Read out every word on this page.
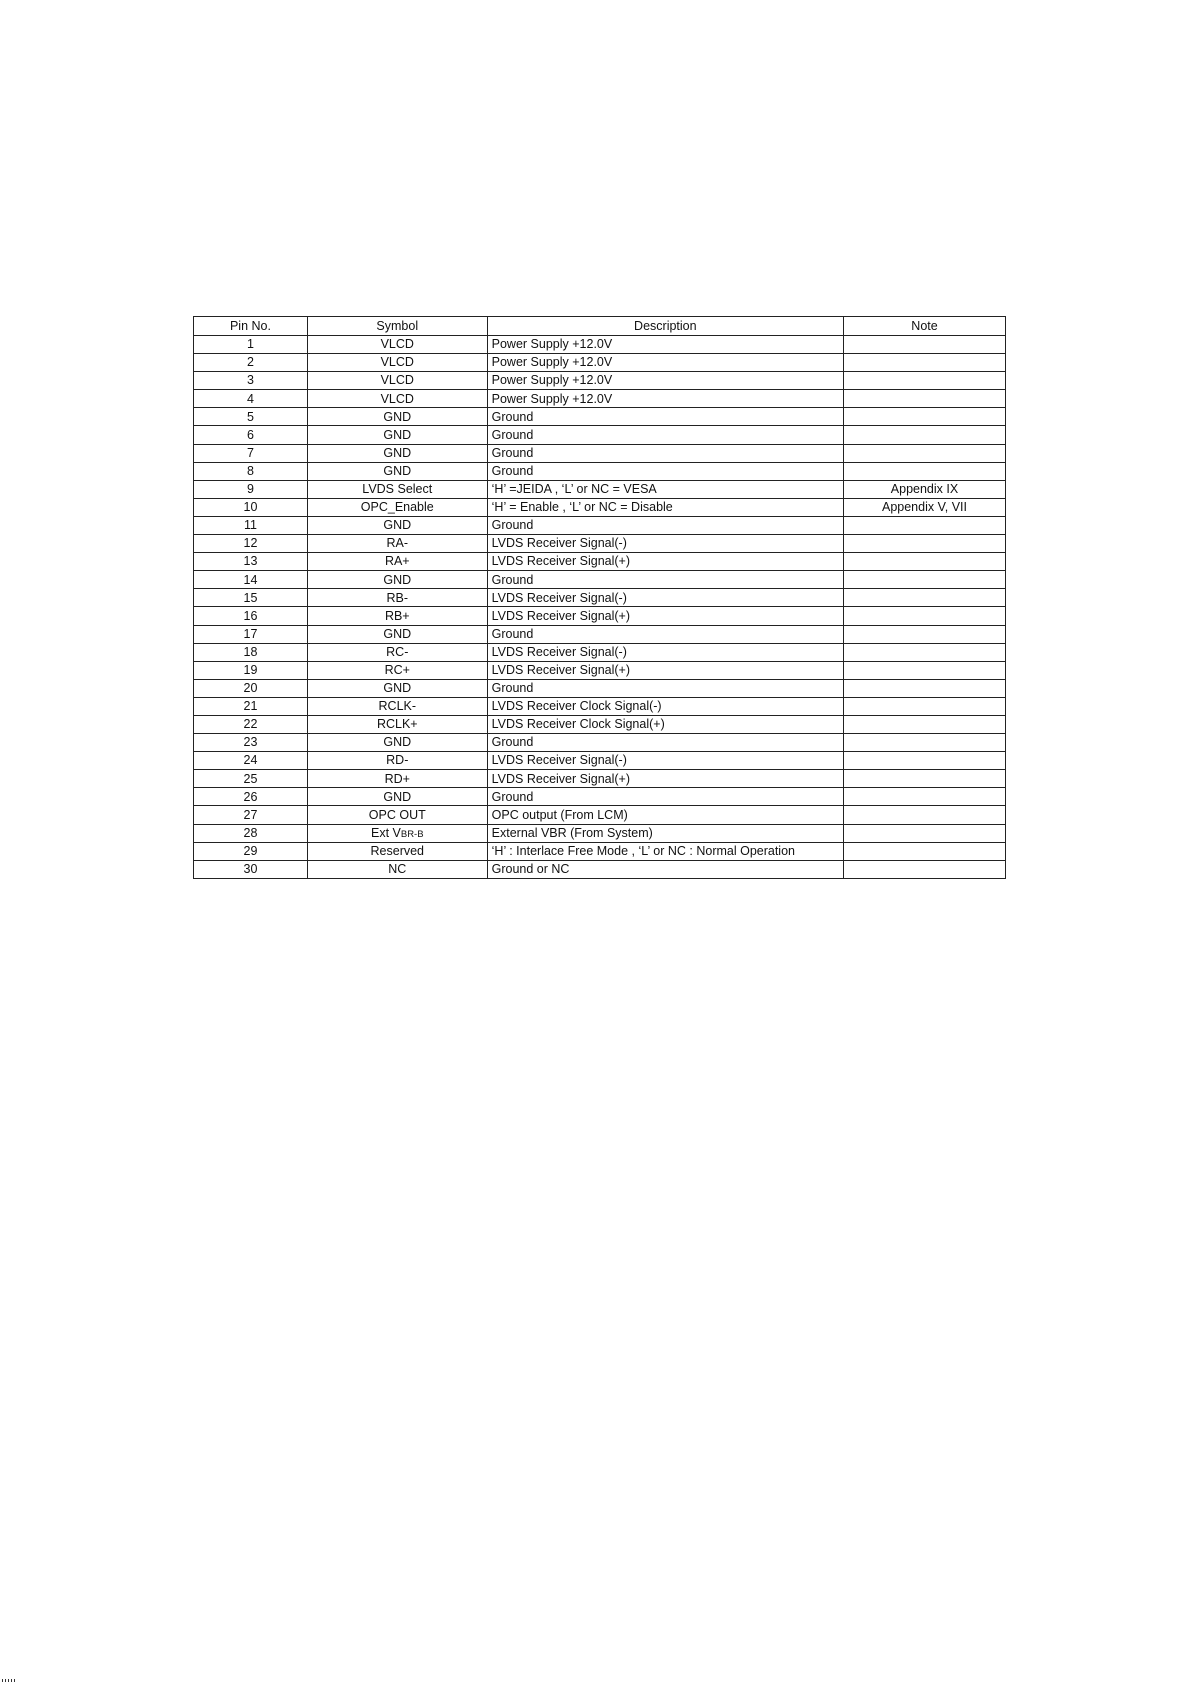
Pin No.	Symbol	Description	Note
1	VLCD	Power Supply +12.0V	
2	VLCD	Power Supply +12.0V	
3	VLCD	Power Supply +12.0V	
4	VLCD	Power Supply +12.0V	
5	GND	Ground	
6	GND	Ground	
7	GND	Ground	
8	GND	Ground	
9	LVDS Select	‘H’ =JEIDA , ‘L’ or NC = VESA	Appendix IX
10	OPC_Enable	‘H’ = Enable , ‘L’ or NC = Disable	Appendix V, VII
11	GND	Ground	
12	RA-	LVDS Receiver Signal(-)	
13	RA+	LVDS Receiver Signal(+)	
14	GND	Ground	
15	RB-	LVDS Receiver Signal(-)	
16	RB+	LVDS Receiver Signal(+)	
17	GND	Ground	
18	RC-	LVDS Receiver Signal(-)	
19	RC+	LVDS Receiver Signal(+)	
20	GND	Ground	
21	RCLK-	LVDS Receiver Clock Signal(-)	
22	RCLK+	LVDS Receiver Clock Signal(+)	
23	GND	Ground	
24	RD-	LVDS Receiver Signal(-)	
25	RD+	LVDS Receiver Signal(+)	
26	GND	Ground	
27	OPC OUT	OPC output (From LCM)	
28	Ext VBR-B	External VBR (From System)	
29	Reserved	‘H’ : Interlace Free Mode , ‘L’ or NC : Normal Operation	
30	NC	Ground or NC	
